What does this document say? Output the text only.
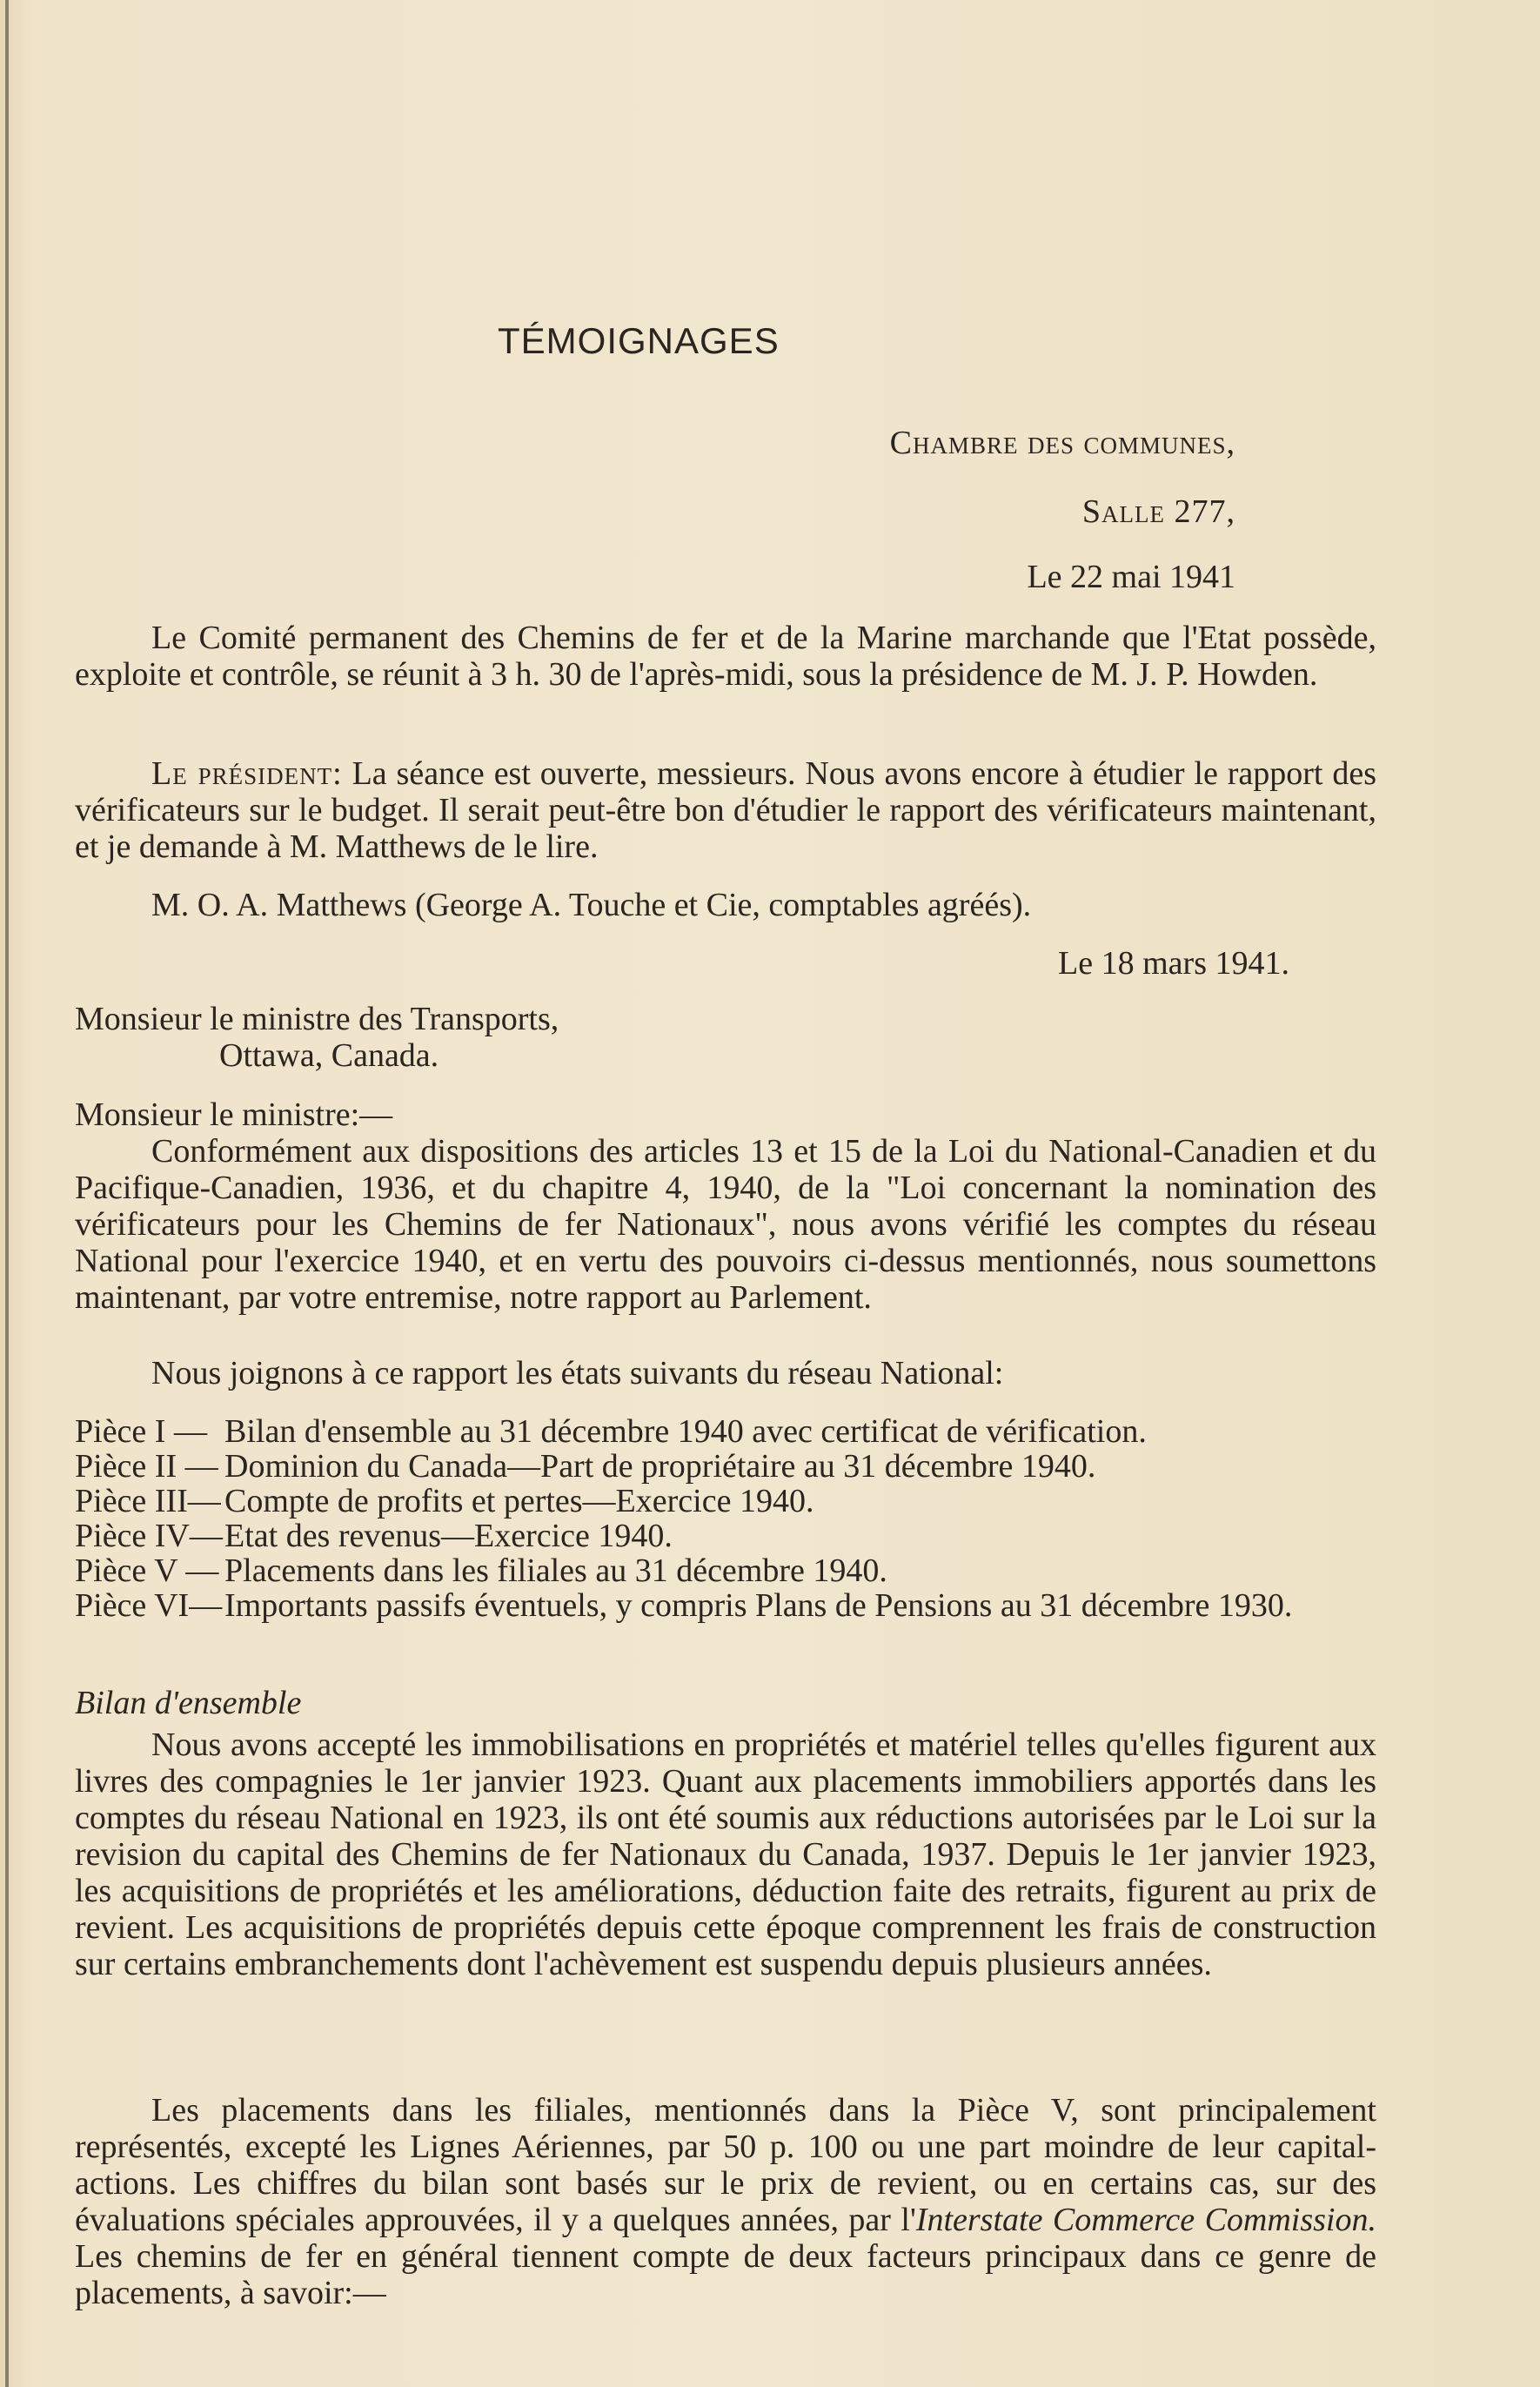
TÉMOIGNAGES
Chambre des communes,
Salle 277,
Le 22 mai 1941

Le Comité permanent des Chemins de fer et de la Marine marchande que l'Etat possède, exploite et contrôle, se réunit à 3 h. 30 de l'après-midi, sous la présidence de M. J. P. Howden.

Le président: La séance est ouverte, messieurs. Nous avons encore à étudier le rapport des vérificateurs sur le budget. Il serait peut-être bon d'étudier le rapport des vérificateurs maintenant, et je demande à M. Matthews de le lire.

M. O. A. Matthews (George A. Touche et Cie, comptables agréés).

Le 18 mars 1941.
Monsieur le ministre des Transports,
Ottawa, Canada.
Monsieur le ministre:—

Conformément aux dispositions des articles 13 et 15 de la Loi du National-Canadien et du Pacifique-Canadien, 1936, et du chapitre 4, 1940, de la "Loi concernant la nomination des vérificateurs pour les Chemins de fer Nationaux", nous avons vérifié les comptes du réseau National pour l'exercice 1940, et en vertu des pouvoirs ci-dessus mentionnés, nous soumettons maintenant, par votre entremise, notre rapport au Parlement.

Nous joignons à ce rapport les états suivants du réseau National:

Pièce I — Bilan d'ensemble au 31 décembre 1940 avec certificat de vérification.
Pièce II — Dominion du Canada—Part de propriétaire au 31 décembre 1940.
Pièce III— Compte de profits et pertes—Exercice 1940.
Pièce IV— Etat des revenus—Exercice 1940.
Pièce V — Placements dans les filiales au 31 décembre 1940.
Pièce VI— Importants passifs éventuels, y compris Plans de Pensions au 31 décembre 1930.
Bilan d'ensemble

Nous avons accepté les immobilisations en propriétés et matériel telles qu'elles figurent aux livres des compagnies le 1er janvier 1923. Quant aux placements immobiliers apportés dans les comptes du réseau National en 1923, ils ont été soumis aux réductions autorisées par le Loi sur la revision du capital des Chemins de fer Nationaux du Canada, 1937. Depuis le 1er janvier 1923, les acquisitions de propriétés et les améliorations, déduction faite des retraits, figurent au prix de revient. Les acquisitions de propriétés depuis cette époque comprennent les frais de construction sur certains embranchements dont l'achèvement est suspendu depuis plusieurs années.

Les placements dans les filiales, mentionnés dans la Pièce V, sont principalement représentés, excepté les Lignes Aériennes, par 50 p. 100 ou une part moindre de leur capital-actions. Les chiffres du bilan sont basés sur le prix de revient, ou en certains cas, sur des évaluations spéciales approuvées, il y a quelques années, par l'Interstate Commerce Commission. Les chemins de fer en général tiennent compte de deux facteurs principaux dans ce genre de placements, à savoir:—
